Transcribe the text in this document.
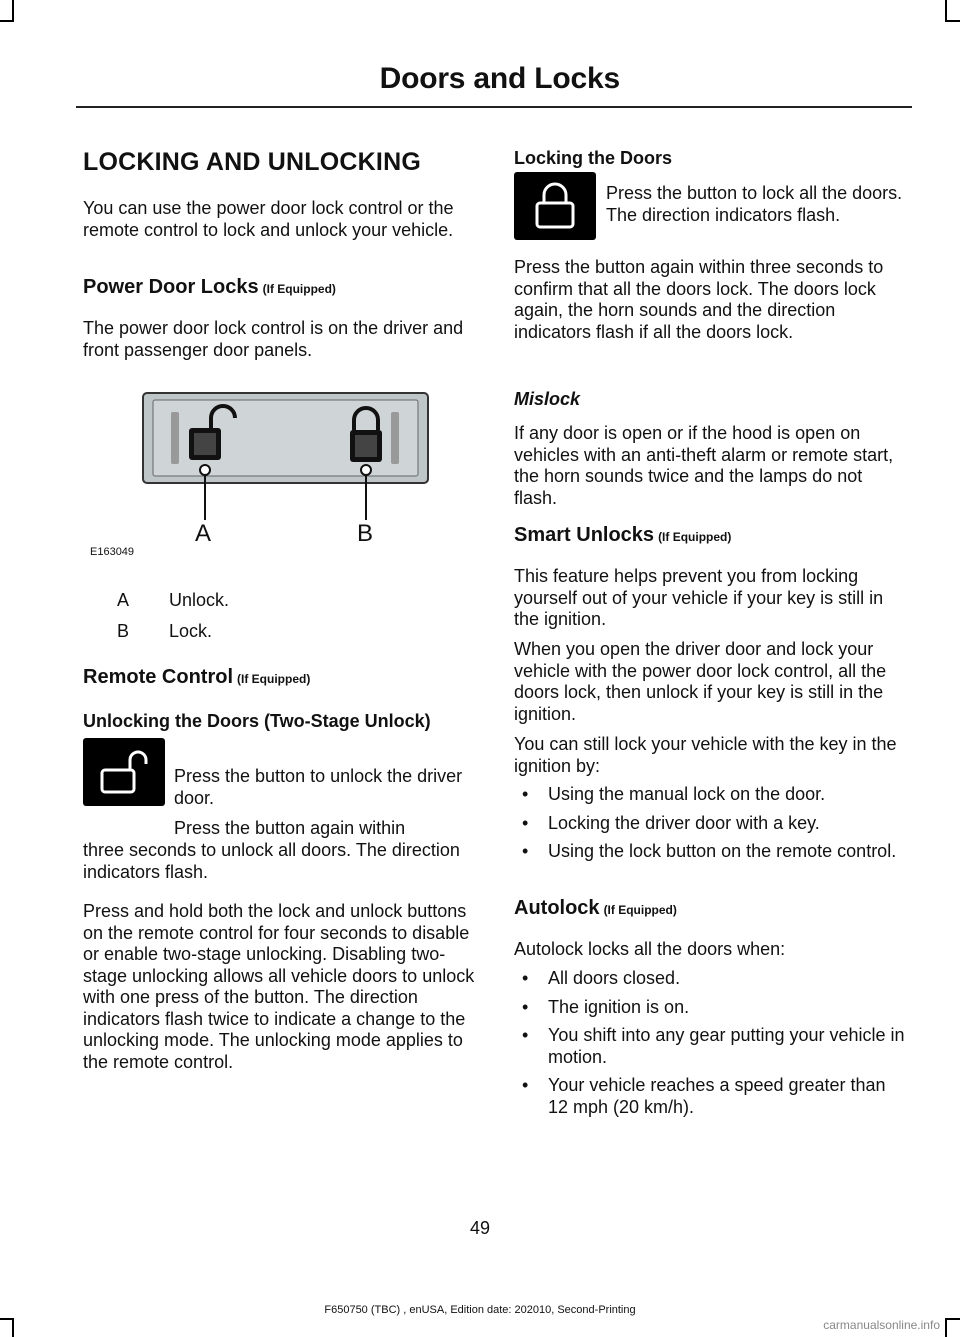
Doors and Locks
LOCKING AND UNLOCKING
You can use the power door lock control or the remote control to lock and unlock your vehicle.
Power Door Locks (If Equipped)
The power door lock control is on the driver and front passenger door panels.
A	B
E163049
A Unlock.
B Lock.
Remote Control (If Equipped)
Unlocking the Doors (Two-Stage Unlock)
Press the button to unlock the driver door.
Press the button again within
three seconds to unlock all doors. The direction indicators flash.
Press and hold both the lock and unlock buttons on the remote control for four seconds to disable or enable two-stage unlocking. Disabling two-stage unlocking allows all vehicle doors to unlock with one press of the button. The direction indicators flash twice to indicate a change to the unlocking mode. The unlocking mode applies to the remote control.
Locking the Doors
Press the button to lock all the doors. The direction indicators flash.
Press the button again within three seconds to confirm that all the doors lock. The doors lock again, the horn sounds and the direction indicators flash if all the doors lock.
Mislock
If any door is open or if the hood is open on vehicles with an anti-theft alarm or remote start, the horn sounds twice and the lamps do not flash.
Smart Unlocks (If Equipped)
This feature helps prevent you from locking yourself out of your vehicle if your key is still in the ignition.
When you open the driver door and lock your vehicle with the power door lock control, all the doors lock, then unlock if your key is still in the ignition.
You can still lock your vehicle with the key in the ignition by:
• Using the manual lock on the door.
• Locking the driver door with a key.
• Using the lock button on the remote control.
Autolock (If Equipped)
Autolock locks all the doors when:
• All doors closed.
• The ignition is on.
• You shift into any gear putting your vehicle in motion.
• Your vehicle reaches a speed greater than 12 mph (20 km/h).
49
F650750 (TBC) , enUSA, Edition date: 202010, Second-Printing
carmanualsonline.info
